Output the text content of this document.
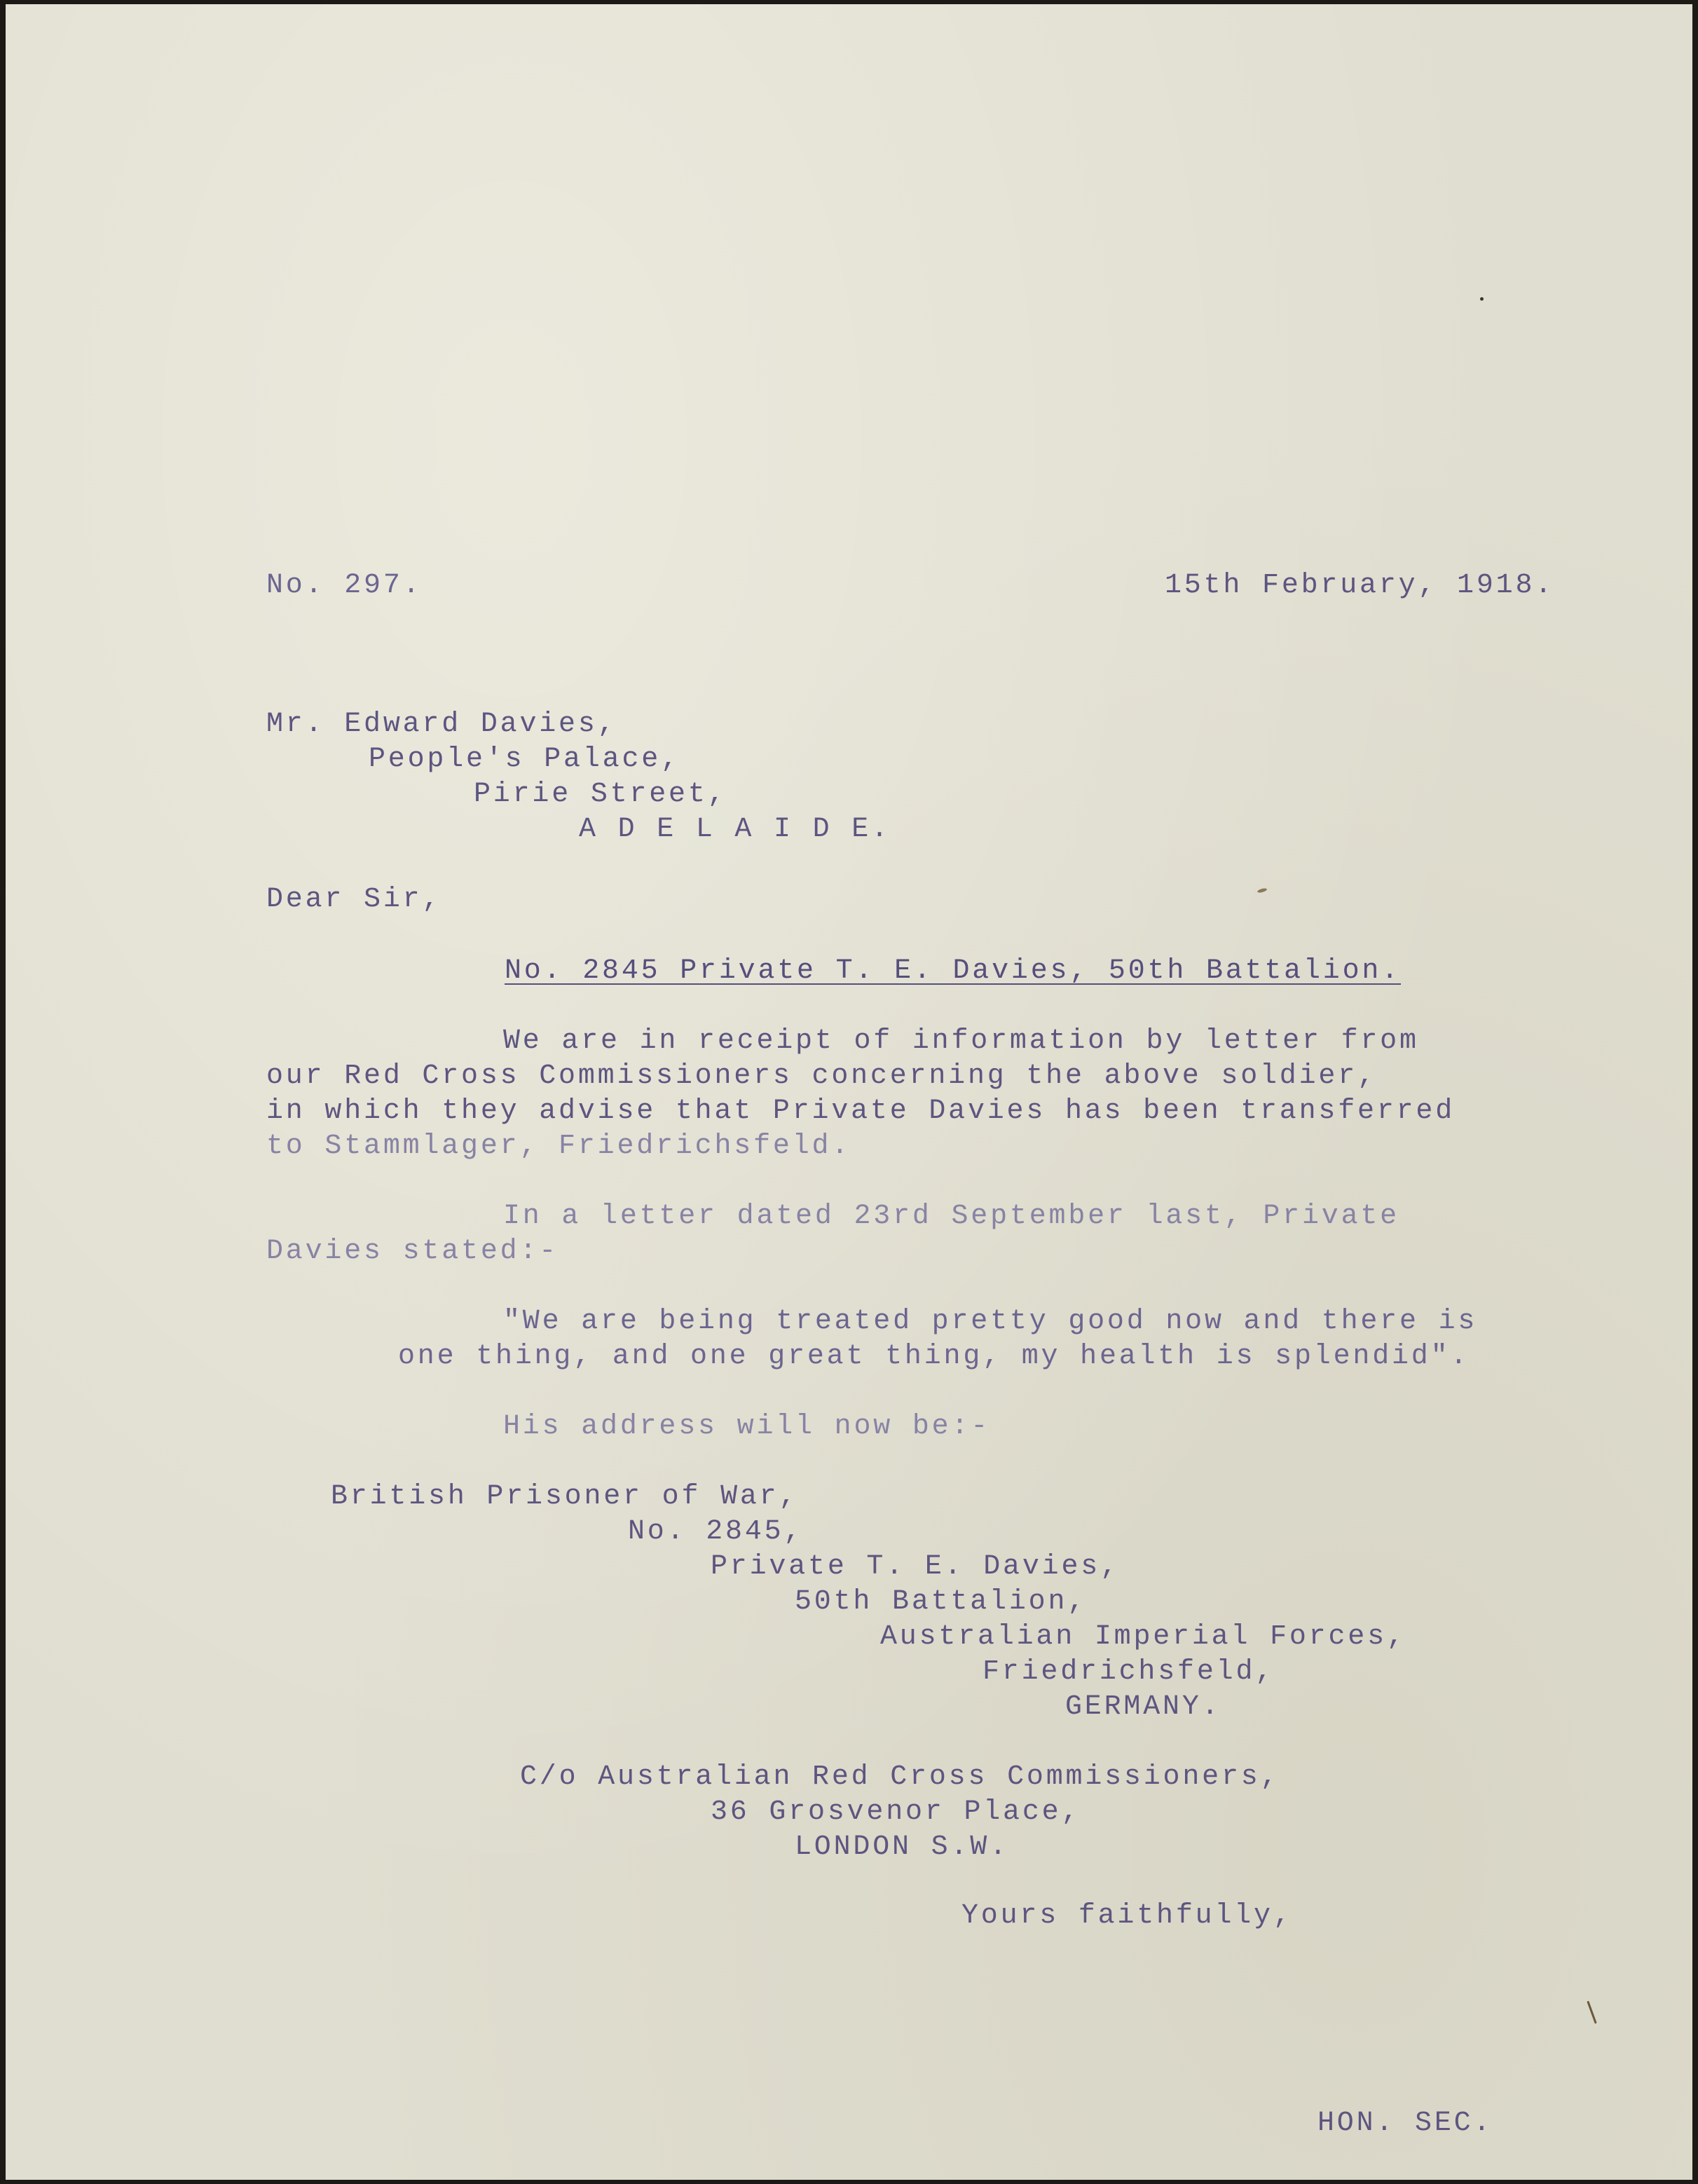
No. 297.	15th February, 1918.
Mr. Edward Davies,
People's Palace,
Pirie Street,
A D E L A I D E.
Dear Sir,
No. 2845 Private T. E. Davies, 50th Battalion.
We are in receipt of information by letter from
our Red Cross Commissioners concerning the above soldier,
in which they advise that Private Davies has been transferred
to Stammlager, Friedrichsfeld.
In a letter dated 23rd September last, Private
Davies stated:-
"We are being treated pretty good now and there is
one thing, and one great thing, my health is splendid".
His address will now be:-
British Prisoner of War,
No. 2845,
Private T. E. Davies,
50th Battalion,
Australian Imperial Forces,
Friedrichsfeld,
GERMANY.
C/o Australian Red Cross Commissioners,
36 Grosvenor Place,
LONDON S.W.
Yours faithfully,
HON. SEC.
